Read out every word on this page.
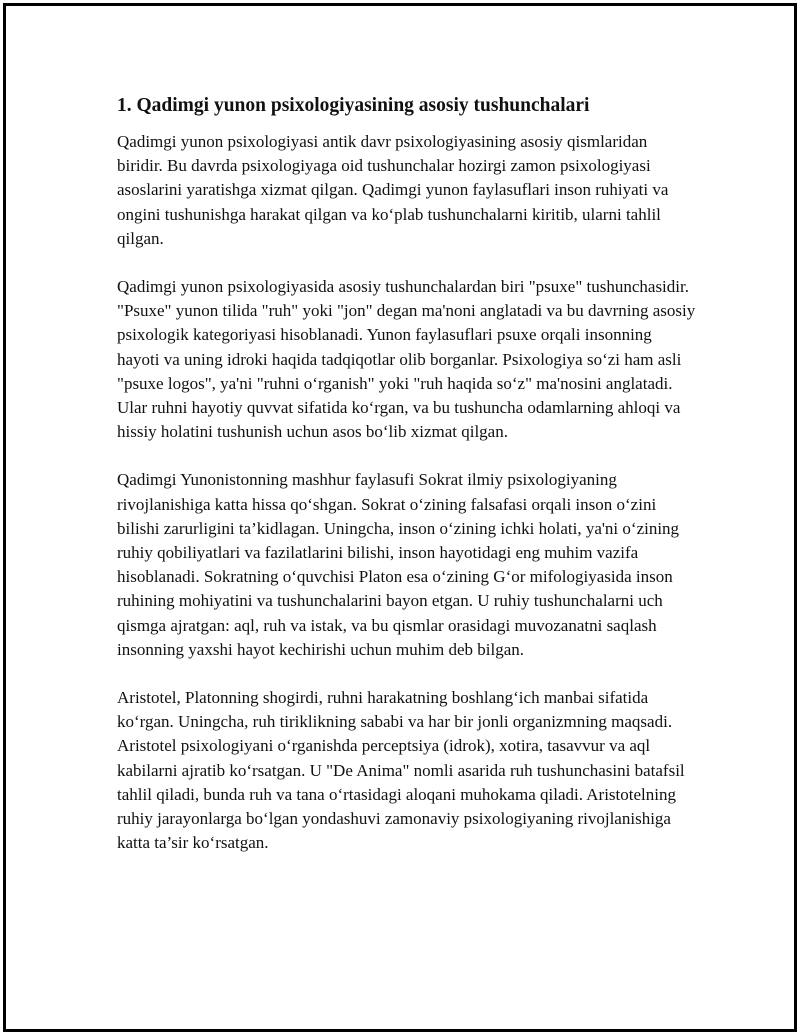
1. Qadimgi yunon psixologiyasining asosiy tushunchalari

Qadimgi yunon psixologiyasi antik davr psixologiyasining asosiy qismlaridan biridir. Bu davrda psixologiyaga oid tushunchalar hozirgi zamon psixologiyasi asoslarini yaratishga xizmat qilgan. Qadimgi yunon faylasuflari inson ruhiyati va ongini tushunishga harakat qilgan va koʻplab tushunchalarni kiritib, ularni tahlil qilgan.

Qadimgi yunon psixologiyasida asosiy tushunchalardan biri "psuxe" tushunchasidir. "Psuxe" yunon tilida "ruh" yoki "jon" degan ma'noni anglatadi va bu davrning asosiy psixologik kategoriyasi hisoblanadi. Yunon faylasuflari psuxe orqali insonning hayoti va uning idroki haqida tadqiqotlar olib borganlar. Psixologiya soʻzi ham asli "psuxe logos", ya'ni "ruhni oʻrganish" yoki "ruh haqida soʻz" ma'nosini anglatadi. Ular ruhni hayotiy quvvat sifatida koʻrgan, va bu tushuncha odamlarning ahloqi va hissiy holatini tushunish uchun asos boʻlib xizmat qilgan.

Qadimgi Yunonistonning mashhur faylasufi Sokrat ilmiy psixologiyaning rivojlanishiga katta hissa qoʻshgan. Sokrat oʻzining falsafasi orqali inson oʻzini bilishi zarurligini ta’kidlagan. Uningcha, inson oʻzining ichki holati, ya'ni oʻzining ruhiy qobiliyatlari va fazilatlarini bilishi, inson hayotidagi eng muhim vazifa hisoblanadi. Sokratning oʻquvchisi Platon esa oʻzining Gʻor mifologiyasida inson ruhining mohiyatini va tushunchalarini bayon etgan. U ruhiy tushunchalarni uch qismga ajratgan: aql, ruh va istak, va bu qismlar orasidagi muvozanatni saqlash insonning yaxshi hayot kechirishi uchun muhim deb bilgan.

Aristotel, Platonning shogirdi, ruhni harakatning boshlangʻich manbai sifatida koʻrgan. Uningcha, ruh tiriklikning sababi va har bir jonli organizmning maqsadi. Aristotel psixologiyani oʻrganishda perceptsiya (idrok), xotira, tasavvur va aql kabilarni ajratib koʻrsatgan. U "De Anima" nomli asarida ruh tushunchasini batafsil tahlil qiladi, bunda ruh va tana oʻrtasidagi aloqani muhokama qiladi. Aristotelning ruhiy jarayonlarga boʻlgan yondashuvi zamonaviy psixologiyaning rivojlanishiga katta ta’sir koʻrsatgan.
